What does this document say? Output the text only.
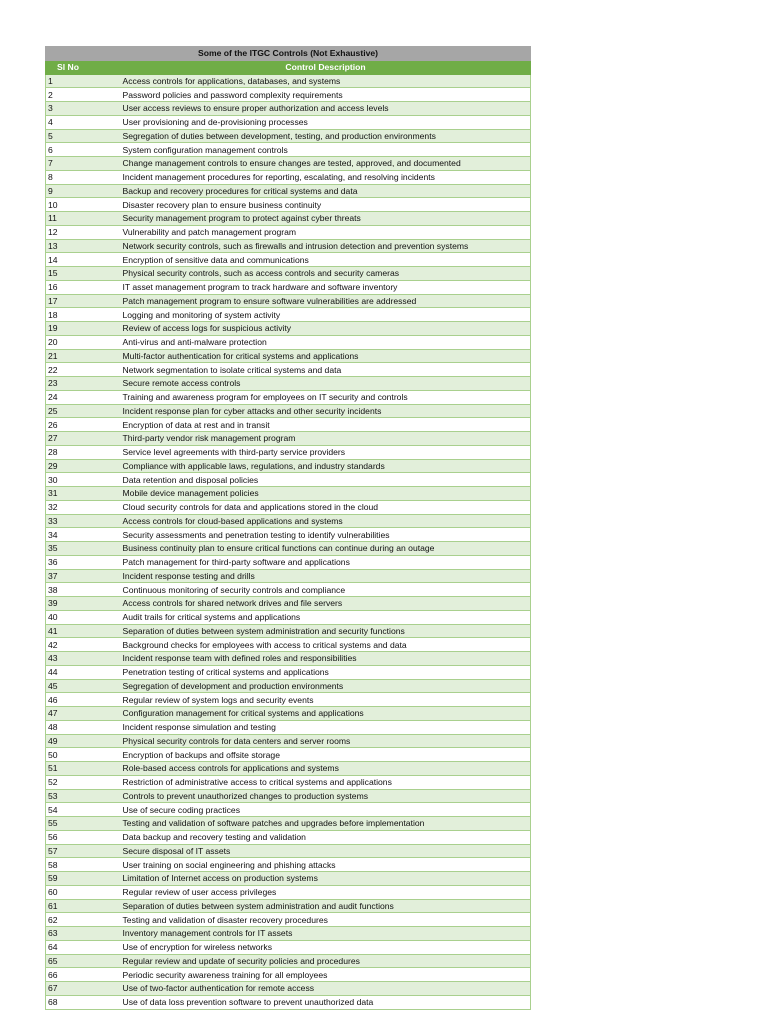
Some of the ITGC Controls (Not Exhaustive)	
Sl No	Control Description
1	Access controls for applications, databases, and systems
2	Password policies and password complexity requirements
3	User access reviews to ensure proper authorization and access levels
4	User provisioning and de-provisioning processes
5	Segregation of duties between development, testing, and production environments
6	System configuration management controls
7	Change management controls to ensure changes are tested, approved, and documented
8	Incident management procedures for reporting, escalating, and resolving incidents
9	Backup and recovery procedures for critical systems and data
10	Disaster recovery plan to ensure business continuity
11	Security management program to protect against cyber threats
12	Vulnerability and patch management program
13	Network security controls, such as firewalls and intrusion detection and prevention systems
14	Encryption of sensitive data and communications
15	Physical security controls, such as access controls and security cameras
16	IT asset management program to track hardware and software inventory
17	Patch management program to ensure software vulnerabilities are addressed
18	Logging and monitoring of system activity
19	Review of access logs for suspicious activity
20	Anti-virus and anti-malware protection
21	Multi-factor authentication for critical systems and applications
22	Network segmentation to isolate critical systems and data
23	Secure remote access controls
24	Training and awareness program for employees on IT security and controls
25	Incident response plan for cyber attacks and other security incidents
26	Encryption of data at rest and in transit
27	Third-party vendor risk management program
28	Service level agreements with third-party service providers
29	Compliance with applicable laws, regulations, and industry standards
30	Data retention and disposal policies
31	Mobile device management policies
32	Cloud security controls for data and applications stored in the cloud
33	Access controls for cloud-based applications and systems
34	Security assessments and penetration testing to identify vulnerabilities
35	Business continuity plan to ensure critical functions can continue during an outage
36	Patch management for third-party software and applications
37	Incident response testing and drills
38	Continuous monitoring of security controls and compliance
39	Access controls for shared network drives and file servers
40	Audit trails for critical systems and applications
41	Separation of duties between system administration and security functions
42	Background checks for employees with access to critical systems and data
43	Incident response team with defined roles and responsibilities
44	Penetration testing of critical systems and applications
45	Segregation of development and production environments
46	Regular review of system logs and security events
47	Configuration management for critical systems and applications
48	Incident response simulation and testing
49	Physical security controls for data centers and server rooms
50	Encryption of backups and offsite storage
51	Role-based access controls for applications and systems
52	Restriction of administrative access to critical systems and applications
53	Controls to prevent unauthorized changes to production systems
54	Use of secure coding practices
55	Testing and validation of software patches and upgrades before implementation
56	Data backup and recovery testing and validation
57	Secure disposal of IT assets
58	User training on social engineering and phishing attacks
59	Limitation of Internet access on production systems
60	Regular review of user access privileges
61	Separation of duties between system administration and audit functions
62	Testing and validation of disaster recovery procedures
63	Inventory management controls for IT assets
64	Use of encryption for wireless networks
65	Regular review and update of security policies and procedures
66	Periodic security awareness training for all employees
67	Use of two-factor authentication for remote access
68	Use of data loss prevention software to prevent unauthorized data
